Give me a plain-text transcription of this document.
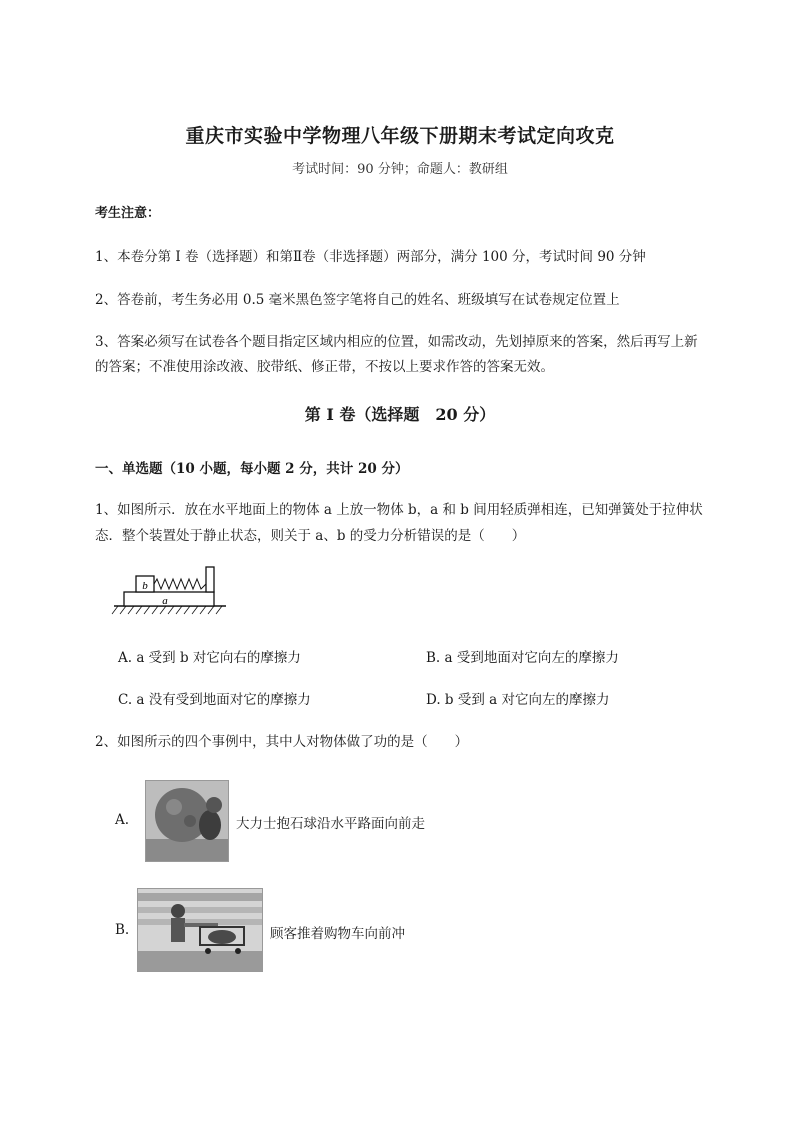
重庆市实验中学物理八年级下册期末考试定向攻克
考试时间：90 分钟；命题人：教研组
考生注意：
1、本卷分第 I 卷（选择题）和第Ⅱ卷（非选择题）两部分，满分 100 分，考试时间 90 分钟
2、答卷前，考生务必用 0.5 毫米黑色签字笔将自己的姓名、班级填写在试卷规定位置上
3、答案必须写在试卷各个题目指定区域内相应的位置，如需改动，先划掉原来的答案，然后再写上新
的答案；不准使用涂改液、胶带纸、修正带，不按以上要求作答的答案无效。
第 I 卷（选择题　20 分）
一、单选题（10 小题，每小题 2 分，共计 20 分）
1、如图所示．放在水平地面上的物体 a 上放一物体 b，a 和 b 间用轻质弹相连，已知弹簧处于拉伸状
态．整个装置处于静止状态，则关于 a、b 的受力分析错误的是（　　）
b
a
A. a 受到 b 对它向右的摩擦力	B. a 受到地面对它向左的摩擦力
C. a 没有受到地面对它的摩擦力	D. b 受到 a 对它向左的摩擦力
2、如图所示的四个事例中，其中人对物体做了功的是（　　）
A.	大力士抱石球沿水平路面向前走
B.	顾客推着购物车向前冲
